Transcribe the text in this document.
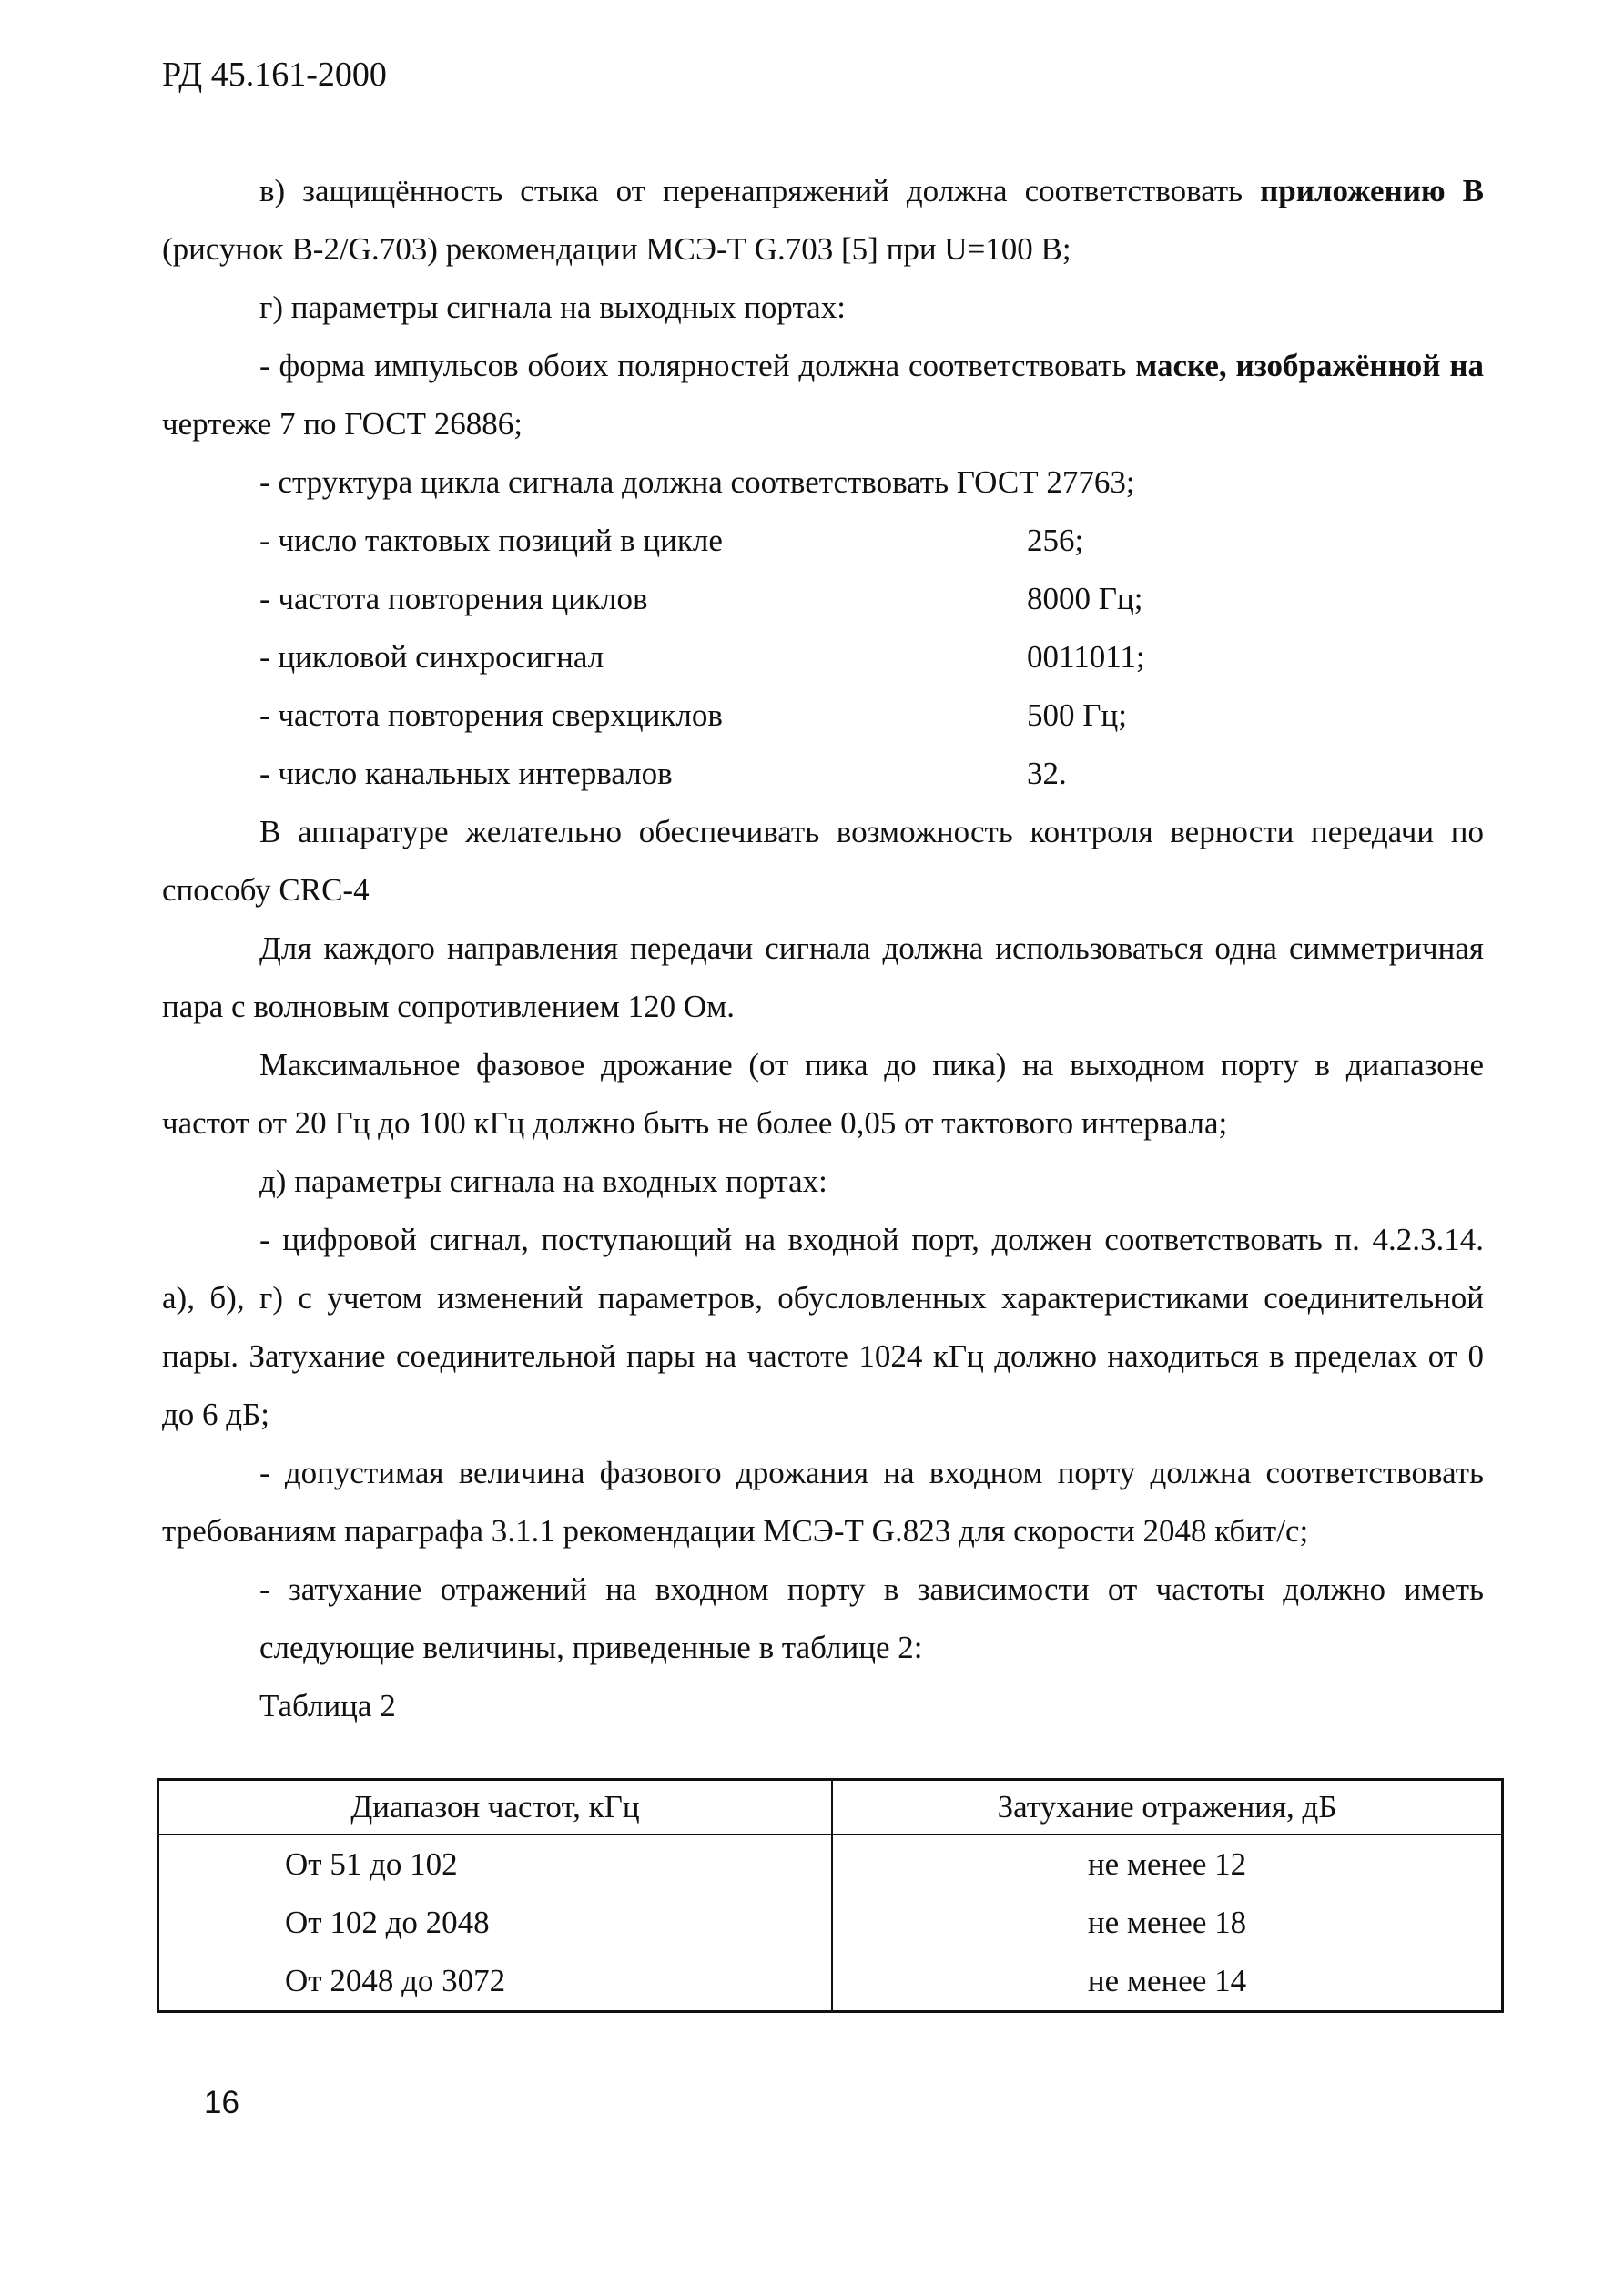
РД 45.161-2000
в) защищённость стыка от перенапряжений должна соответствовать приложению В
(рисунок В-2/G.703) рекомендации МСЭ-Т G.703 [5] при U=100 В;
г) параметры сигнала на выходных портах:
- форма импульсов обоих полярностей должна соответствовать маске, изображённой на
чертеже 7 по ГОСТ 26886;
- структура цикла сигнала должна соответствовать ГОСТ 27763;
- число тактовых позиций в цикле	256;
- частота повторения циклов	8000 Гц;
- цикловой синхросигнал	0011011;
- частота повторения сверхциклов	500 Гц;
- число канальных интервалов	32.
В аппаратуре желательно обеспечивать возможность контроля верности передачи по
способу CRC-4
Для каждого направления передачи сигнала должна использоваться одна симметричная
пара с волновым сопротивлением 120 Ом.
Максимальное фазовое дрожание (от пика до пика) на выходном порту в диапазоне
частот от 20 Гц до 100 кГц должно быть не более 0,05 от тактового интервала;
д) параметры сигнала на входных портах:
- цифровой сигнал, поступающий на входной порт, должен соответствовать п. 4.2.3.14.
а), б), г) с учетом изменений параметров, обусловленных характеристиками соединительной
пары. Затухание соединительной пары на частоте 1024 кГц должно находиться в пределах от 0
до 6 дБ;
- допустимая величина фазового дрожания на входном порту должна соответствовать
требованиям параграфа 3.1.1 рекомендации МСЭ-Т G.823 для скорости 2048 кбит/с;
- затухание отражений на входном порту в зависимости от частоты должно иметь
следующие величины, приведенные в таблице 2:
Таблица 2
Диапазон частот, кГц	Затухание отражения, дБ
От 51 до 102	не менее 12
От 102 до 2048	не менее 18
От 2048 до 3072	не менее 14
16
